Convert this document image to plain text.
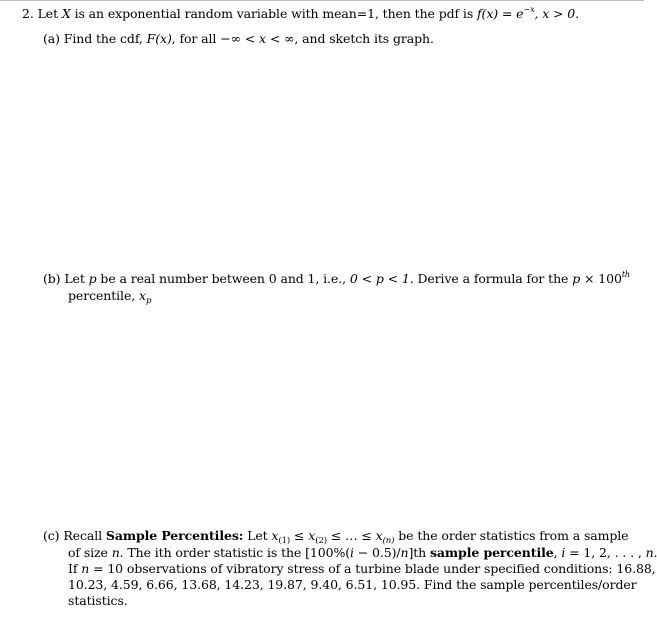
2. Let X is an exponential random variable with mean=1, then the pdf is $f(x) = e^{-x}$, x > 0.
(a) Find the cdf, F(x), for all −∞ < x < ∞, and sketch its graph.
(b) Let p be a real number between 0 and 1, i.e., 0 < p < 1. Derive a formula for the p × 100th
percentile, $x_p$
(c) Recall Sample Percentiles: Let $x_{(1)} \le x_{(2)}$ ≤ … ≤ $x_{(n)}$ be the order statistics from a sample
of size n. The ith order statistic is the [100%(i − 0.5)/n]th sample percentile, i = 1, 2, . . . , n
If n = 10 observations of vibratory stress of a turbine blade under specified conditions: 16.88,
10.23, 4.59, 6.66, 13.68, 14.23, 19.87, 9.40, 6.51, 10.95. Find the sample percentiles/order
statistics.
